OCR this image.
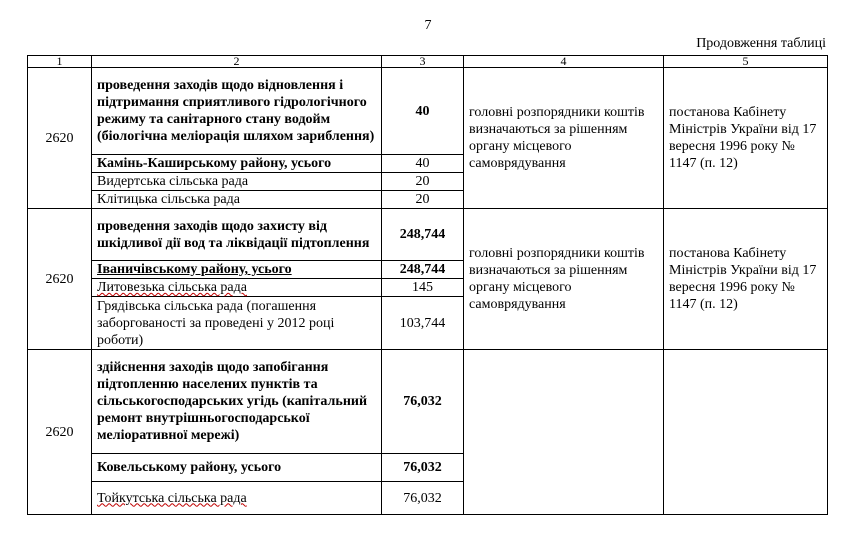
7
Продовження таблиці
1	2	3	4	5
2620	проведення заходів щодо відновлення і підтримання сприятливого гідрологічного режиму та санітарного стану водойм (біологічна меліорація шляхом зариблення)	40	головні розпорядники коштів визначаються за рішенням органу місцевого самоврядування	постанова Кабінету Міністрів України від 17 вересня 1996 року № 1147 (п. 12)
	Камінь-Каширському району, усього	40		
	Видертська сільська рада	20		
	Клітицька сільська рада	20		
2620	проведення заходів щодо захисту від шкідливої дії вод та ліквідації підтоплення	248,744	головні розпорядники коштів визначаються за рішенням органу місцевого самоврядування	постанова Кабінету Міністрів України від 17 вересня 1996 року № 1147 (п. 12)
	Іваничівському району, усього	248,744		
	Литовезька сільська рада	145		
	Грядівська сільська рада (погашення заборгованості за проведені у 2012 році роботи)	103,744		
2620	здійснення заходів щодо запобігання підтопленню населених пунктів та сільськогосподарських угідь (капітальний ремонт внутрішньогосподарської меліоративної мережі)	76,032		
	Ковельському району, усього	76,032		
	Тойкутська сільська рада	76,032		
